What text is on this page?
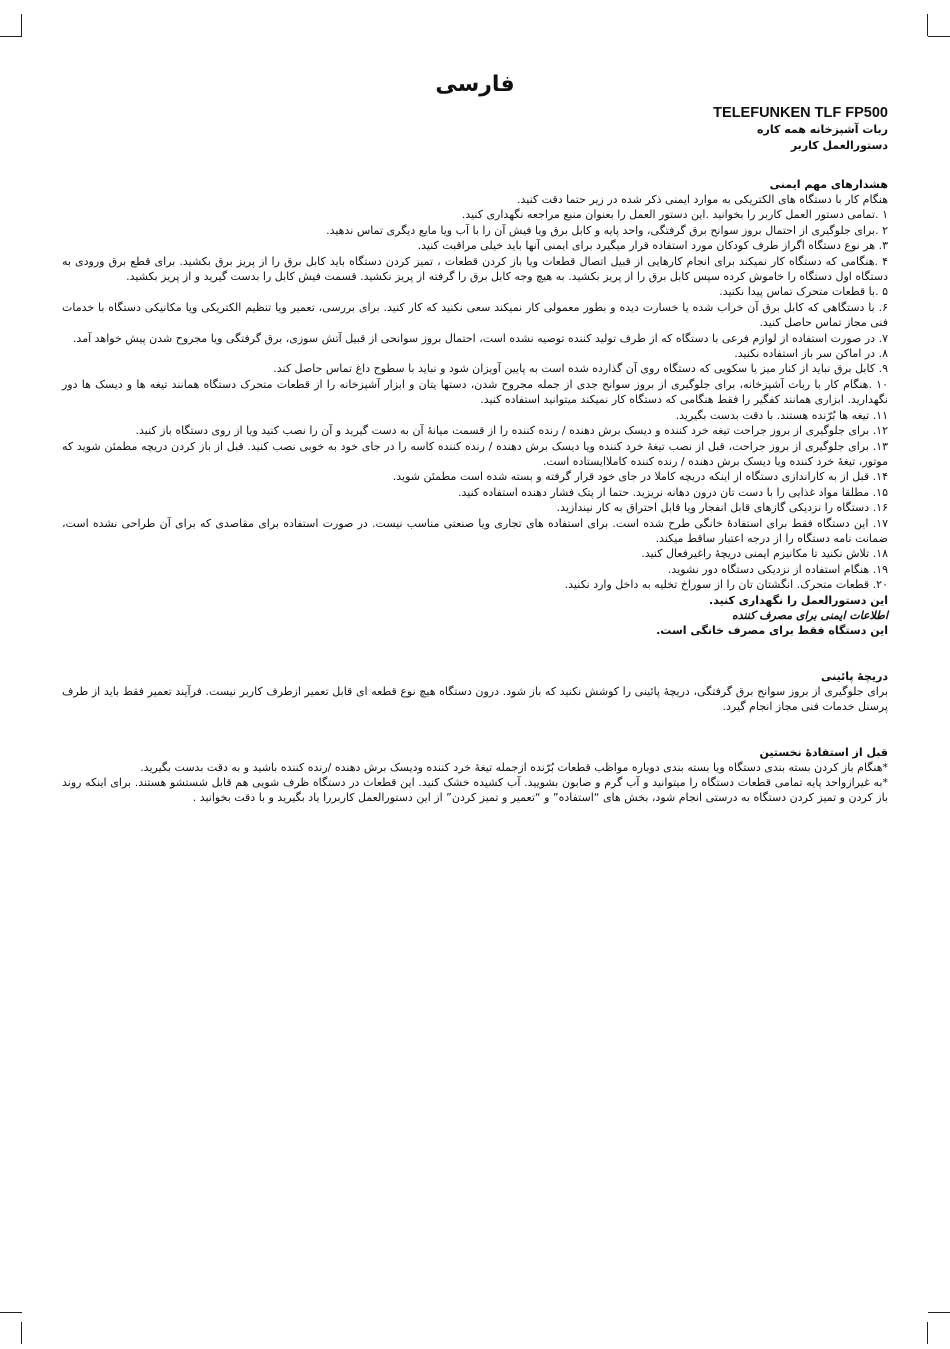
فارسی

TELEFUNKEN TLF FP500

ربات آشپزخانه همه کاره

دستورالعمل کاربر

هشدارهای مهم ایمنی

هنگام کار با دستگاه های الکتریکی به موارد ایمنی ذکر شده در زیر حتما دقت کنید.

۱ .تمامی دستور العمل کاربر را بخوانید .این دستور العمل را بعنوان منبع مراجعه نگهداری کنید.

۲ .برای جلوگیری از احتمال بروز سوانح برق گرفتگی، واحد پایه و کابل برق ویا فیش آن را با آب ویا مایع دیگری تماس ندهید.

۳. هر نوع دستگاه اگراز طرف کودکان مورد استفاده قرار میگیرد برای ایمنی آنها باید خیلی مراقبت کنید.

۴ .هنگامی که دستگاه کار نمیکند برای انجام کارهایی از قبیل اتصال قطعات ویا باز کردن قطعات ، تمیز کردن دستگاه باید کابل برق را از پریز برق بکشید. برای قطع برق ورودی به دستگاه اول دستگاه را خاموش کرده سپس کابل برق را از پریز بکشید. به هیچ وجه کابل برق را گرفته از پریز نکشید. قسمت فیش کابل را بدست گیرید و از پریز بکشید.

۵ .با قطعات متحرک تماس پیدا نکنید.

۶. با دستگاهی که کابل برق آن خراب شده یا خسارت دیده و بطور معمولی کار نمیکند سعی نکنید که کار کنید. برای بررسی، تعمیر ویا تنظیم الکتریکی ویا مکانیکی دستگاه با خدمات فنی مجاز تماس حاصل کنید.

۷. در صورت استفاده از لوازم فرعی با دستگاه که از طرف تولید کننده توصیه نشده است، احتمال بروز سوانحی از قبیل آتش سوزی، برق گرفتگی ویا مجروح شدن پیش خواهد آمد.

۸. در اماکن سر باز استفاده نکنید.

۹. کابل برق نباید از کنار میز یا سکویی که دستگاه روی آن گذارده شده است به پایین آویزان شود و نباید با سطوح داغ تماس حاصل کند.

۱۰ .هنگام کار با ربات آشپزخانه، برای جلوگیری از بروز سوانح جدی از جمله مجروح شدن، دستها یتان و ابزار آشپزخانه را از قطعات متحرک دستگاه همانند تیغه ها و دیسک ها دور نگهدارید. ابزاری همانند کفگیر را فقط هنگامی که دستگاه کار نمیکند میتوانید استفاده کنید.

۱۱. تیغه ها بُرّنده هستند. با دقت بدست بگیرید.

۱۲. برای جلوگیری از بروز جراحت تیغه خرد کننده و دیسک برش دهنده / رنده کننده را از قسمت میانهٔ آن به دست گیرید و آن را نصب کنید ویا از روی دستگاه باز کنید.

۱۳. برای جلوگیری از بروز جراحت، قبل از نصب تیغهٔ خرد کننده ویا دیسک برش دهنده / رنده کننده کاسه را در جای خود به خوبی نصب کنید. قبل از باز کردن دریچه مطمئن شوید که موتور، تیغهٔ خرد کننده ویا دیسک برش دهنده / رنده کننده کاملاایستاده است.

۱۴. قبل از به کاراندازی دستگاه از اینکه دریچه کاملا در جای خود قرار گرفته و بسته شده است مطمئن شوید.

۱۵. مطلقا مواد غذایی را با دست تان درون دهانه نریزید. حتما از پتک فشار دهنده استفاده کنید.

۱۶. دستگاه را نزدیکی گازهای قابل انفجار ویا قابل احتراق به کار نیندازید.

۱۷. این دستگاه فقط برای استفادهٔ خانگی طرح شده است. برای استفاده های تجاری ویا صنعتی مناسب نیست. در صورت استفاده برای مقاصدی که برای آن طراحی نشده است، ضمانت نامه دستگاه را از درجه اعتبار ساقط میکند.

۱۸. تلاش نکنید تا مکانیزم ایمنی دریچهٔ راغیرفعال کنید.

۱۹. هنگام استفاده از نزدیکی دستگاه دور نشوید.

۲۰. قطعات متحرک. انگشتان تان را از سوراخ تخلیه به داخل وارد نکنید.

این دستورالعمل را نگهداری کنید.

اطلاعات ایمنی برای مصرف کننده

این دستگاه فقط برای مصرف خانگی است.

دریچهٔ پائینی

برای جلوگیری از بروز سوانح برق گرفتگی، دریچهٔ پائینی را کوشش نکنید که باز شود. درون دستگاه هیچ نوع قطعه ای قابل تعمیر ازطرف کاربر نیست. فرآیند تعمیر فقط باید از طرف پرسنل خدمات فنی مجاز انجام گیرد.

قبل از استفادهٔ نخستین

*هنگام باز کردن بسته بندی دستگاه ویا بسته بندی دوباره مواظب قطعات بُرّنده ازجمله تیغهٔ خرد کننده ودیسک برش دهنده /رنده کننده باشید و به دقت بدست بگیرید.

*به غیرازواحد پایه تمامی قطعات دستگاه را میتوانید و آب گرم و صابون بشویید. آب کشیده خشک کنید. این قطعات در دستگاه ظرف شویی هم قابل شستشو هستند. برای اینکه روند باز کردن و تمیز کردن دستگاه به درستی انجام شود، بخش های “استفاده” و “تعمیر و تمیز کردن” از این دستورالعمل کاربررا یاد بگیرید و با دقت بخوانید .
